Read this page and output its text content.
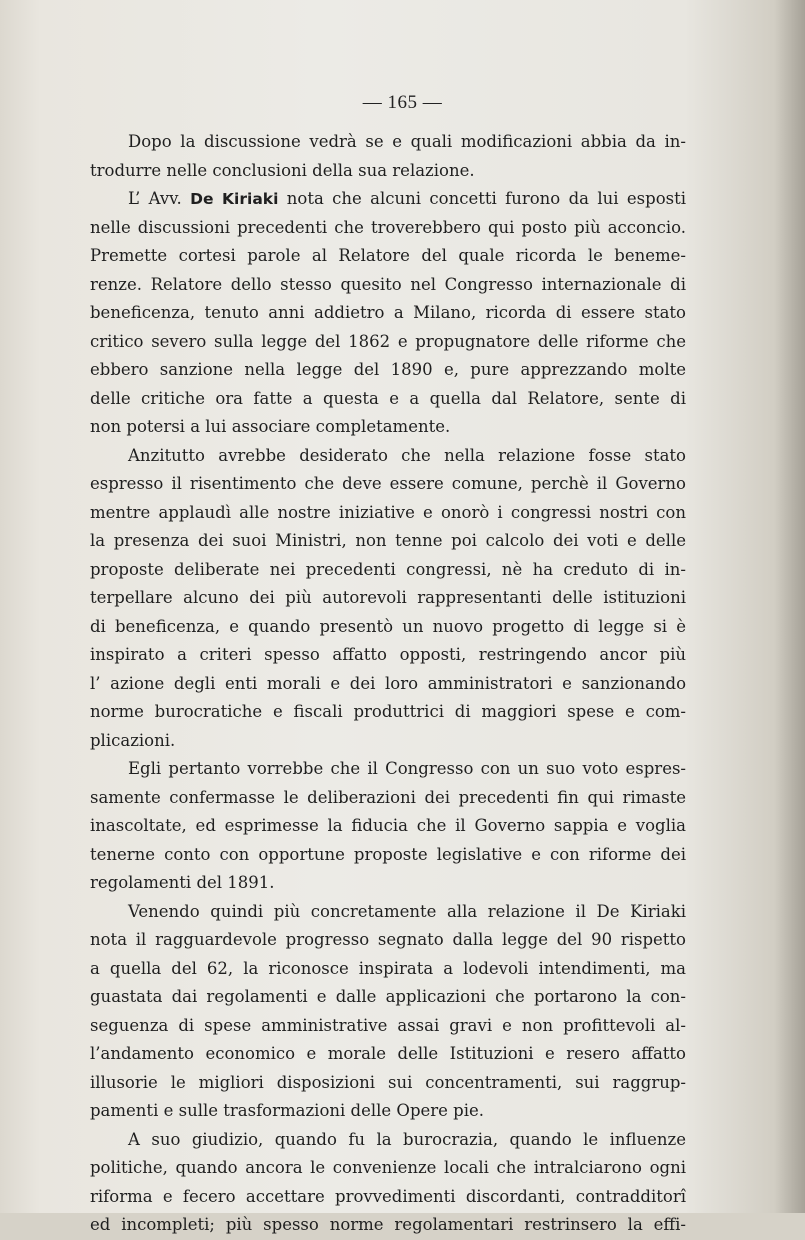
— 165 —
Dopo la discussione vedrà se e quali modificazioni abbia da in-
trodurre nelle conclusioni della sua relazione.
L’ Avv. De Kiriaki nota che alcuni concetti furono da lui esposti
nelle discussioni precedenti che troverebbero qui posto più acconcio.
Premette cortesi parole al Relatore del quale ricorda le beneme-
renze. Relatore dello stesso quesito nel Congresso internazionale di
beneficenza, tenuto anni addietro a Milano, ricorda di essere stato
critico severo sulla legge del 1862 e propugnatore delle riforme che
ebbero sanzione nella legge del 1890 e, pure apprezzando molte
delle critiche ora fatte a questa e a quella dal Relatore, sente di
non potersi a lui associare completamente.
Anzitutto avrebbe desiderato che nella relazione fosse stato
espresso il risentimento che deve essere comune, perchè il Governo
mentre applaudì alle nostre iniziative e onorò i congressi nostri con
la presenza dei suoi Ministri, non tenne poi calcolo dei voti e delle
proposte deliberate nei precedenti congressi, nè ha creduto di in-
terpellare alcuno dei più autorevoli rappresentanti delle istituzioni
di beneficenza, e quando presentò un nuovo progetto di legge si è
inspirato a criteri spesso affatto opposti, restringendo ancor più
l’ azione degli enti morali e dei loro amministratori e sanzionando
norme burocratiche e fiscali produttrici di maggiori spese e com-
plicazioni.
Egli pertanto vorrebbe che il Congresso con un suo voto espres-
samente confermasse le deliberazioni dei precedenti fin qui rimaste
inascoltate, ed esprimesse la fiducia che il Governo sappia e voglia
tenerne conto con opportune proposte legislative e con riforme dei
regolamenti del 1891.
Venendo quindi più concretamente alla relazione il De Kiriaki
nota il ragguardevole progresso segnato dalla legge del 90 rispetto
a quella del 62, la riconosce inspirata a lodevoli intendimenti, ma
guastata dai regolamenti e dalle applicazioni che portarono la con-
seguenza di spese amministrative assai gravi e non profittevoli al-
l’andamento economico e morale delle Istituzioni e resero affatto
illusorie le migliori disposizioni sui concentramenti, sui raggrup-
pamenti e sulle trasformazioni delle Opere pie.
A suo giudizio, quando fu la burocrazia, quando le influenze
politiche, quando ancora le convenienze locali che intralciarono ogni
riforma e fecero accettare provvedimenti discordanti, contradditorî
ed incompleti; più spesso norme regolamentari restrinsero la effi-
